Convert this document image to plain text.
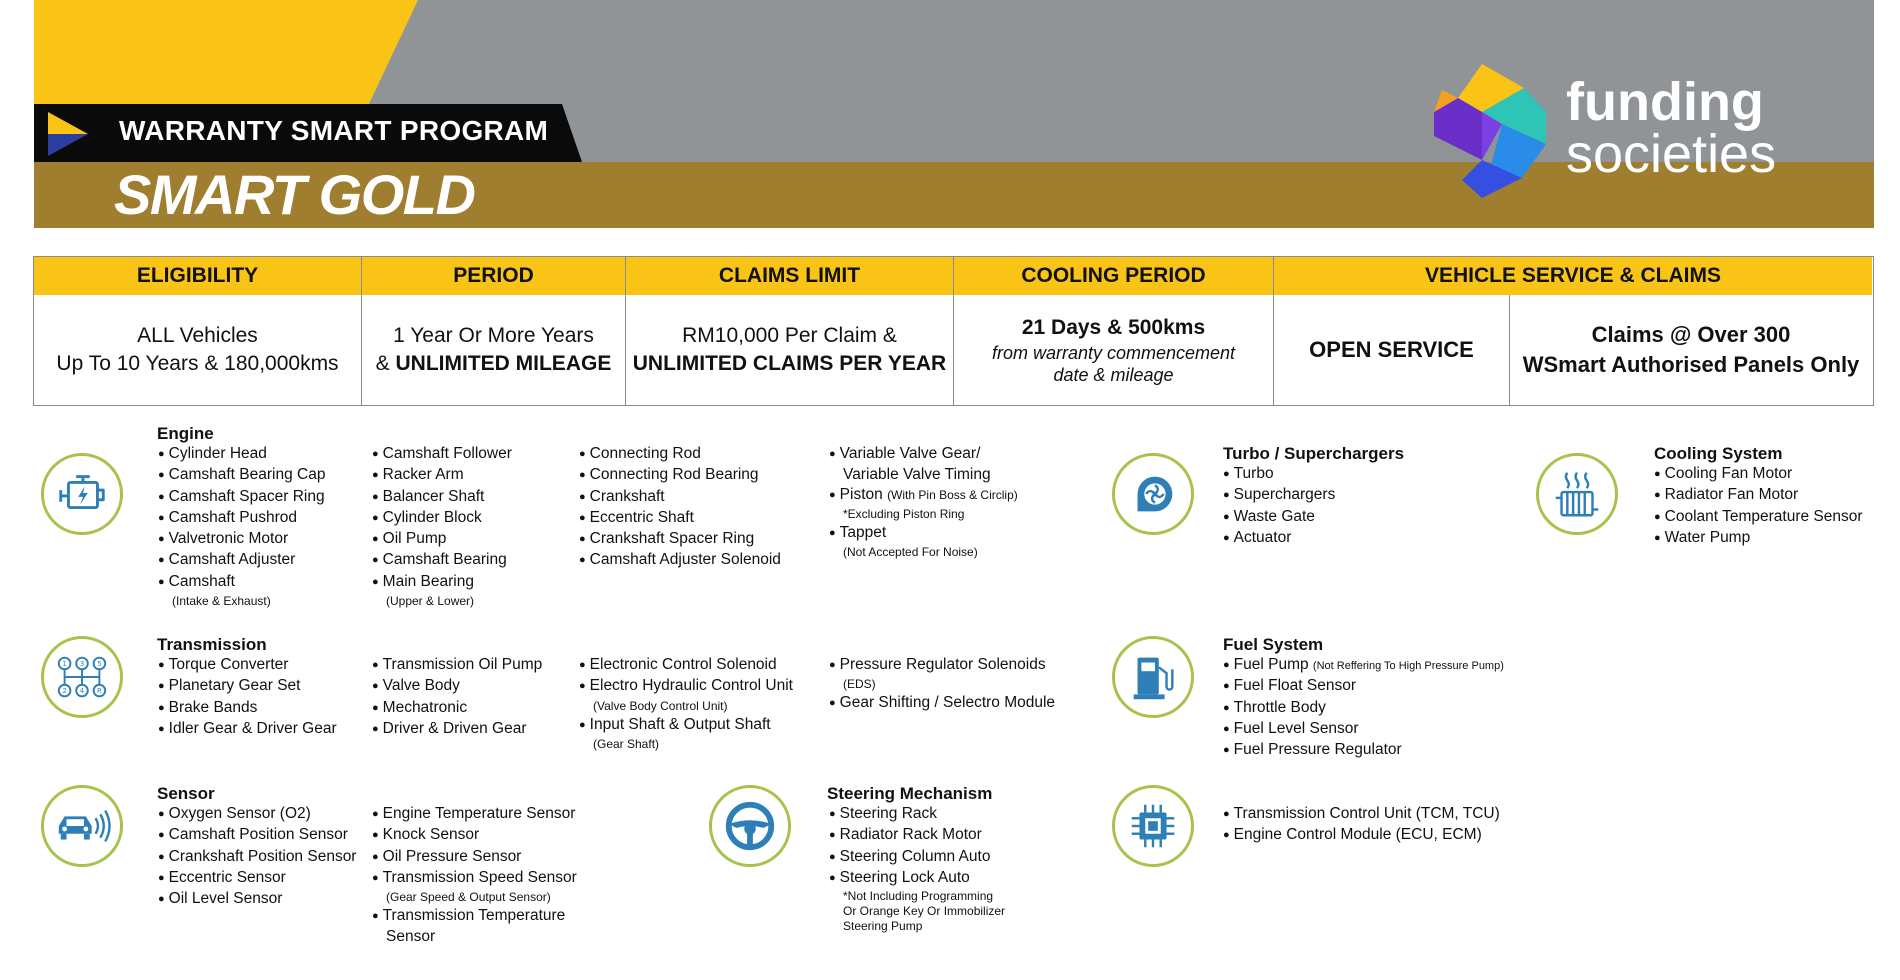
WARRANTY SMART PROGRAM
SMART GOLD
funding
societies
ELIGIBILITY
ALL Vehicles
Up To 10 Years & 180,000kms
PERIOD
1 Year Or More Years
& UNLIMITED MILEAGE
CLAIMS LIMIT
RM10,000 Per Claim &
UNLIMITED CLAIMS PER YEAR
COOLING PERIOD
21 Days & 500kms
from warranty commencement
date & mileage
VEHICLE SERVICE & CLAIMS
OPEN SERVICE
Claims @ Over 300
WSmart Authorised Panels Only
Engine
● Cylinder Head
● Camshaft Bearing Cap
● Camshaft Spacer Ring
● Camshaft Pushrod
● Valvetronic Motor
● Camshaft Adjuster
● Camshaft
(Intake & Exhaust)
● Camshaft Follower
● Racker Arm
● Balancer Shaft
● Cylinder Block
● Oil Pump
● Camshaft Bearing
● Main Bearing
(Upper & Lower)
● Connecting Rod
● Connecting Rod Bearing
● Crankshaft
● Eccentric Shaft
● Crankshaft Spacer Ring
● Camshaft Adjuster Solenoid
● Variable Valve Gear/
Variable Valve Timing
● Piston (With Pin Boss & Circlip)
*Excluding Piston Ring
● Tappet
(Not Accepted For Noise)
Turbo / Superchargers
● Turbo
● Superchargers
● Waste Gate
● Actuator
Cooling System
● Cooling Fan Motor
● Radiator Fan Motor
● Coolant Temperature Sensor
● Water Pump
1 3 5
2 4 R
Transmission
● Torque Converter
● Planetary Gear Set
● Brake Bands
● Idler Gear & Driver Gear
● Transmission Oil Pump
● Valve Body
● Mechatronic
● Driver & Driven Gear
● Electronic Control Solenoid
● Electro Hydraulic Control Unit
(Valve Body Control Unit)
● Input Shaft & Output Shaft
(Gear Shaft)
● Pressure Regulator Solenoids
(EDS)
● Gear Shifting / Selectro Module
Fuel System
● Fuel Pump (Not Reffering To High Pressure Pump)
● Fuel Float Sensor
● Throttle Body
● Fuel Level Sensor
● Fuel Pressure Regulator
Sensor
● Oxygen Sensor (O2)
● Camshaft Position Sensor
● Crankshaft Position Sensor
● Eccentric Sensor
● Oil Level Sensor
● Engine Temperature Sensor
● Knock Sensor
● Oil Pressure Sensor
● Transmission Speed Sensor
(Gear Speed & Output Sensor)
● Transmission Temperature
Sensor
Steering Mechanism
● Steering Rack
● Radiator Rack Motor
● Steering Column Auto
● Steering Lock Auto
*Not Including Programming
Or Orange Key Or Immobilizer
Steering Pump
● Transmission Control Unit (TCM, TCU)
● Engine Control Module (ECU, ECM)
